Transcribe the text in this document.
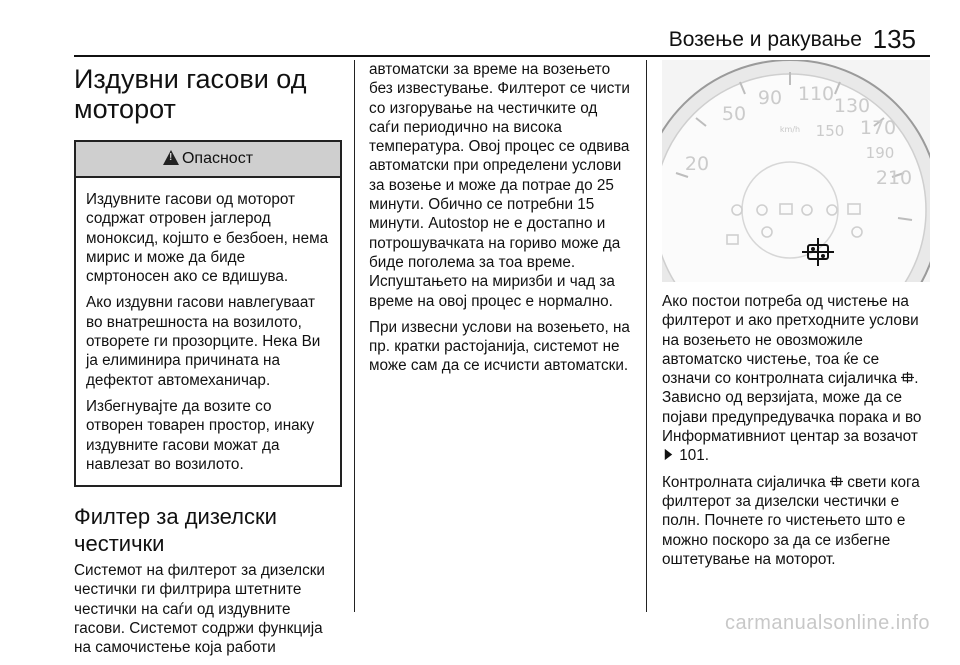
Возење и ракување 135
Издувни гасови од моторот
!Опасност

Издувните гасови од моторот содржат отровен јаглерод моноксид, којшто е безбоен, нема мирис и може да биде смртоносен ако се вдишува.

Ако издувни гасови навлегуваат во внатрешноста на возилото, отворете ги прозорците. Нека Ви ја елиминира причината на дефектот автомеханичар.

Избегнувајте да возите со отворен товарен простор, инаку издувните гасови можат да навлезат во возилото.

Филтер за дизелски честички

Системот на филтерот за дизелски честички ги филтрира штетните честички на саѓи од издувните гасови. Системот содржи функција на самочистење која работи

автоматски за време на возењето без известување. Филтерот се чисти со изгорување на честичките од саѓи периодично на висока температура. Овој процес се одвива автоматски при определени услови за возење и може да потрае до 25 минути. Обично се потребни 15 минути. Autostop не е достапно и потрошувачката на гориво може да биде поголема за тоа време. Испуштањето на миризби и чад за време на овој процес е нормално.

При извесни услови на возењето, на пр. кратки растојанија, системот не може сам да се исчисти автоматски.

20
50
90 110
130
150 170
190
210
km/h

Ако постои потреба од чистење на филтерот и ако претходните услови на возењето не овозможиле автоматско чистење, тоа ќе се означи со контролната сијаличка . Зависно од верзијата, може да се појави предупредувачка порака и во Информативниот центар за возачот  101.

Контролната сијаличка свети кога филтерот за дизелски честички е полн. Почнете го чистењето што е можно поскоро за да се избегне оштетување на моторот.

carmanualsonline.info
